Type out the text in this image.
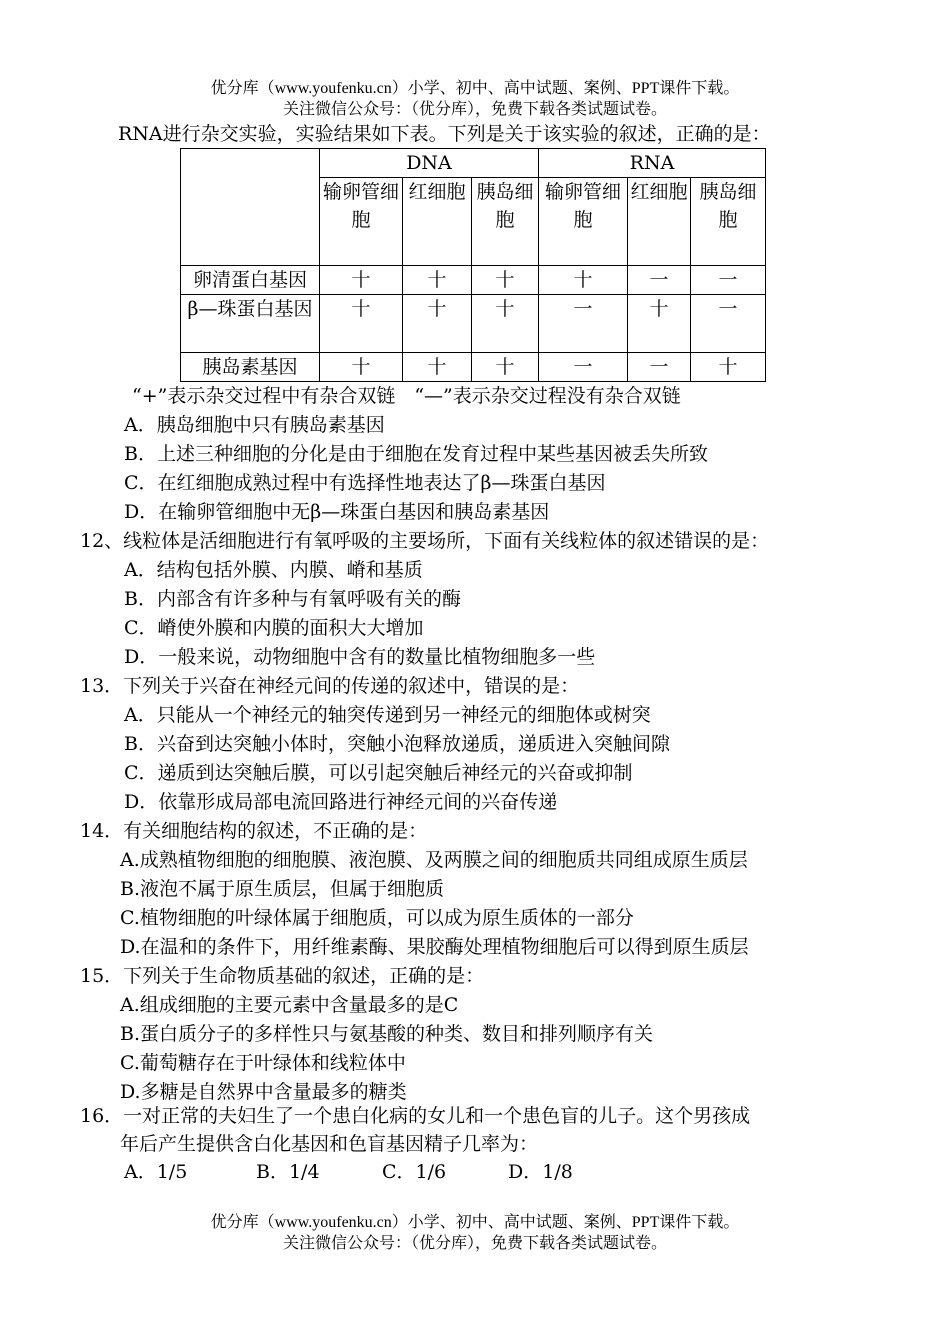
优分库（www.youfenku.cn）小学、初中、高中试题、案例、PPT课件下载。
关注微信公众号：（优分库），免费下载各类试题试卷。
RNA进行杂交实验，实验结果如下表。下列是关于该实验的叙述，正确的是：
	DNA			RNA		
	输卵管细胞	红细胞	胰岛细胞	输卵管细胞	红细胞	胰岛细胞
卵清蛋白基因	十	十	十	十	一	一
β—珠蛋白基因	十	十	十	一	十	一
胰岛素基因	十	十	十	一	一	十
“+”表示杂交过程中有杂合双链　“—”表示杂交过程没有杂合双链
A．胰岛细胞中只有胰岛素基因
B．上述三种细胞的分化是由于细胞在发育过程中某些基因被丢失所致
C．在红细胞成熟过程中有选择性地表达了β—珠蛋白基因
D．在输卵管细胞中无β—珠蛋白基因和胰岛素基因
12、线粒体是活细胞进行有氧呼吸的主要场所，下面有关线粒体的叙述错误的是：
A．结构包括外膜、内膜、嵴和基质
B．内部含有许多种与有氧呼吸有关的酶
C．嵴使外膜和内膜的面积大大增加
D．一般来说，动物细胞中含有的数量比植物细胞多一些
13．下列关于兴奋在神经元间的传递的叙述中，错误的是：
A．只能从一个神经元的轴突传递到另一神经元的细胞体或树突
B．兴奋到达突触小体时，突触小泡释放递质，递质进入突触间隙
C．递质到达突触后膜，可以引起突触后神经元的兴奋或抑制
D．依靠形成局部电流回路进行神经元间的兴奋传递
14．有关细胞结构的叙述，不正确的是：
A.成熟植物细胞的细胞膜、液泡膜、及两膜之间的细胞质共同组成原生质层
B.液泡不属于原生质层，但属于细胞质
C.植物细胞的叶绿体属于细胞质，可以成为原生质体的一部分
D.在温和的条件下，用纤维素酶、果胶酶处理植物细胞后可以得到原生质层
15．下列关于生命物质基础的叙述，正确的是：
A.组成细胞的主要元素中含量最多的是C
B.蛋白质分子的多样性只与氨基酸的种类、数目和排列顺序有关
C.葡萄糖存在于叶绿体和线粒体中
D.多糖是自然界中含量最多的糖类
16．一对正常的夫妇生了一个患白化病的女儿和一个患色盲的儿子。这个男孩成
年后产生提供含白化基因和色盲基因精子几率为：
A．1/5	B．1/4	C．1/6	D．1/8
优分库（www.youfenku.cn）小学、初中、高中试题、案例、PPT课件下载。
关注微信公众号：（优分库），免费下载各类试题试卷。
